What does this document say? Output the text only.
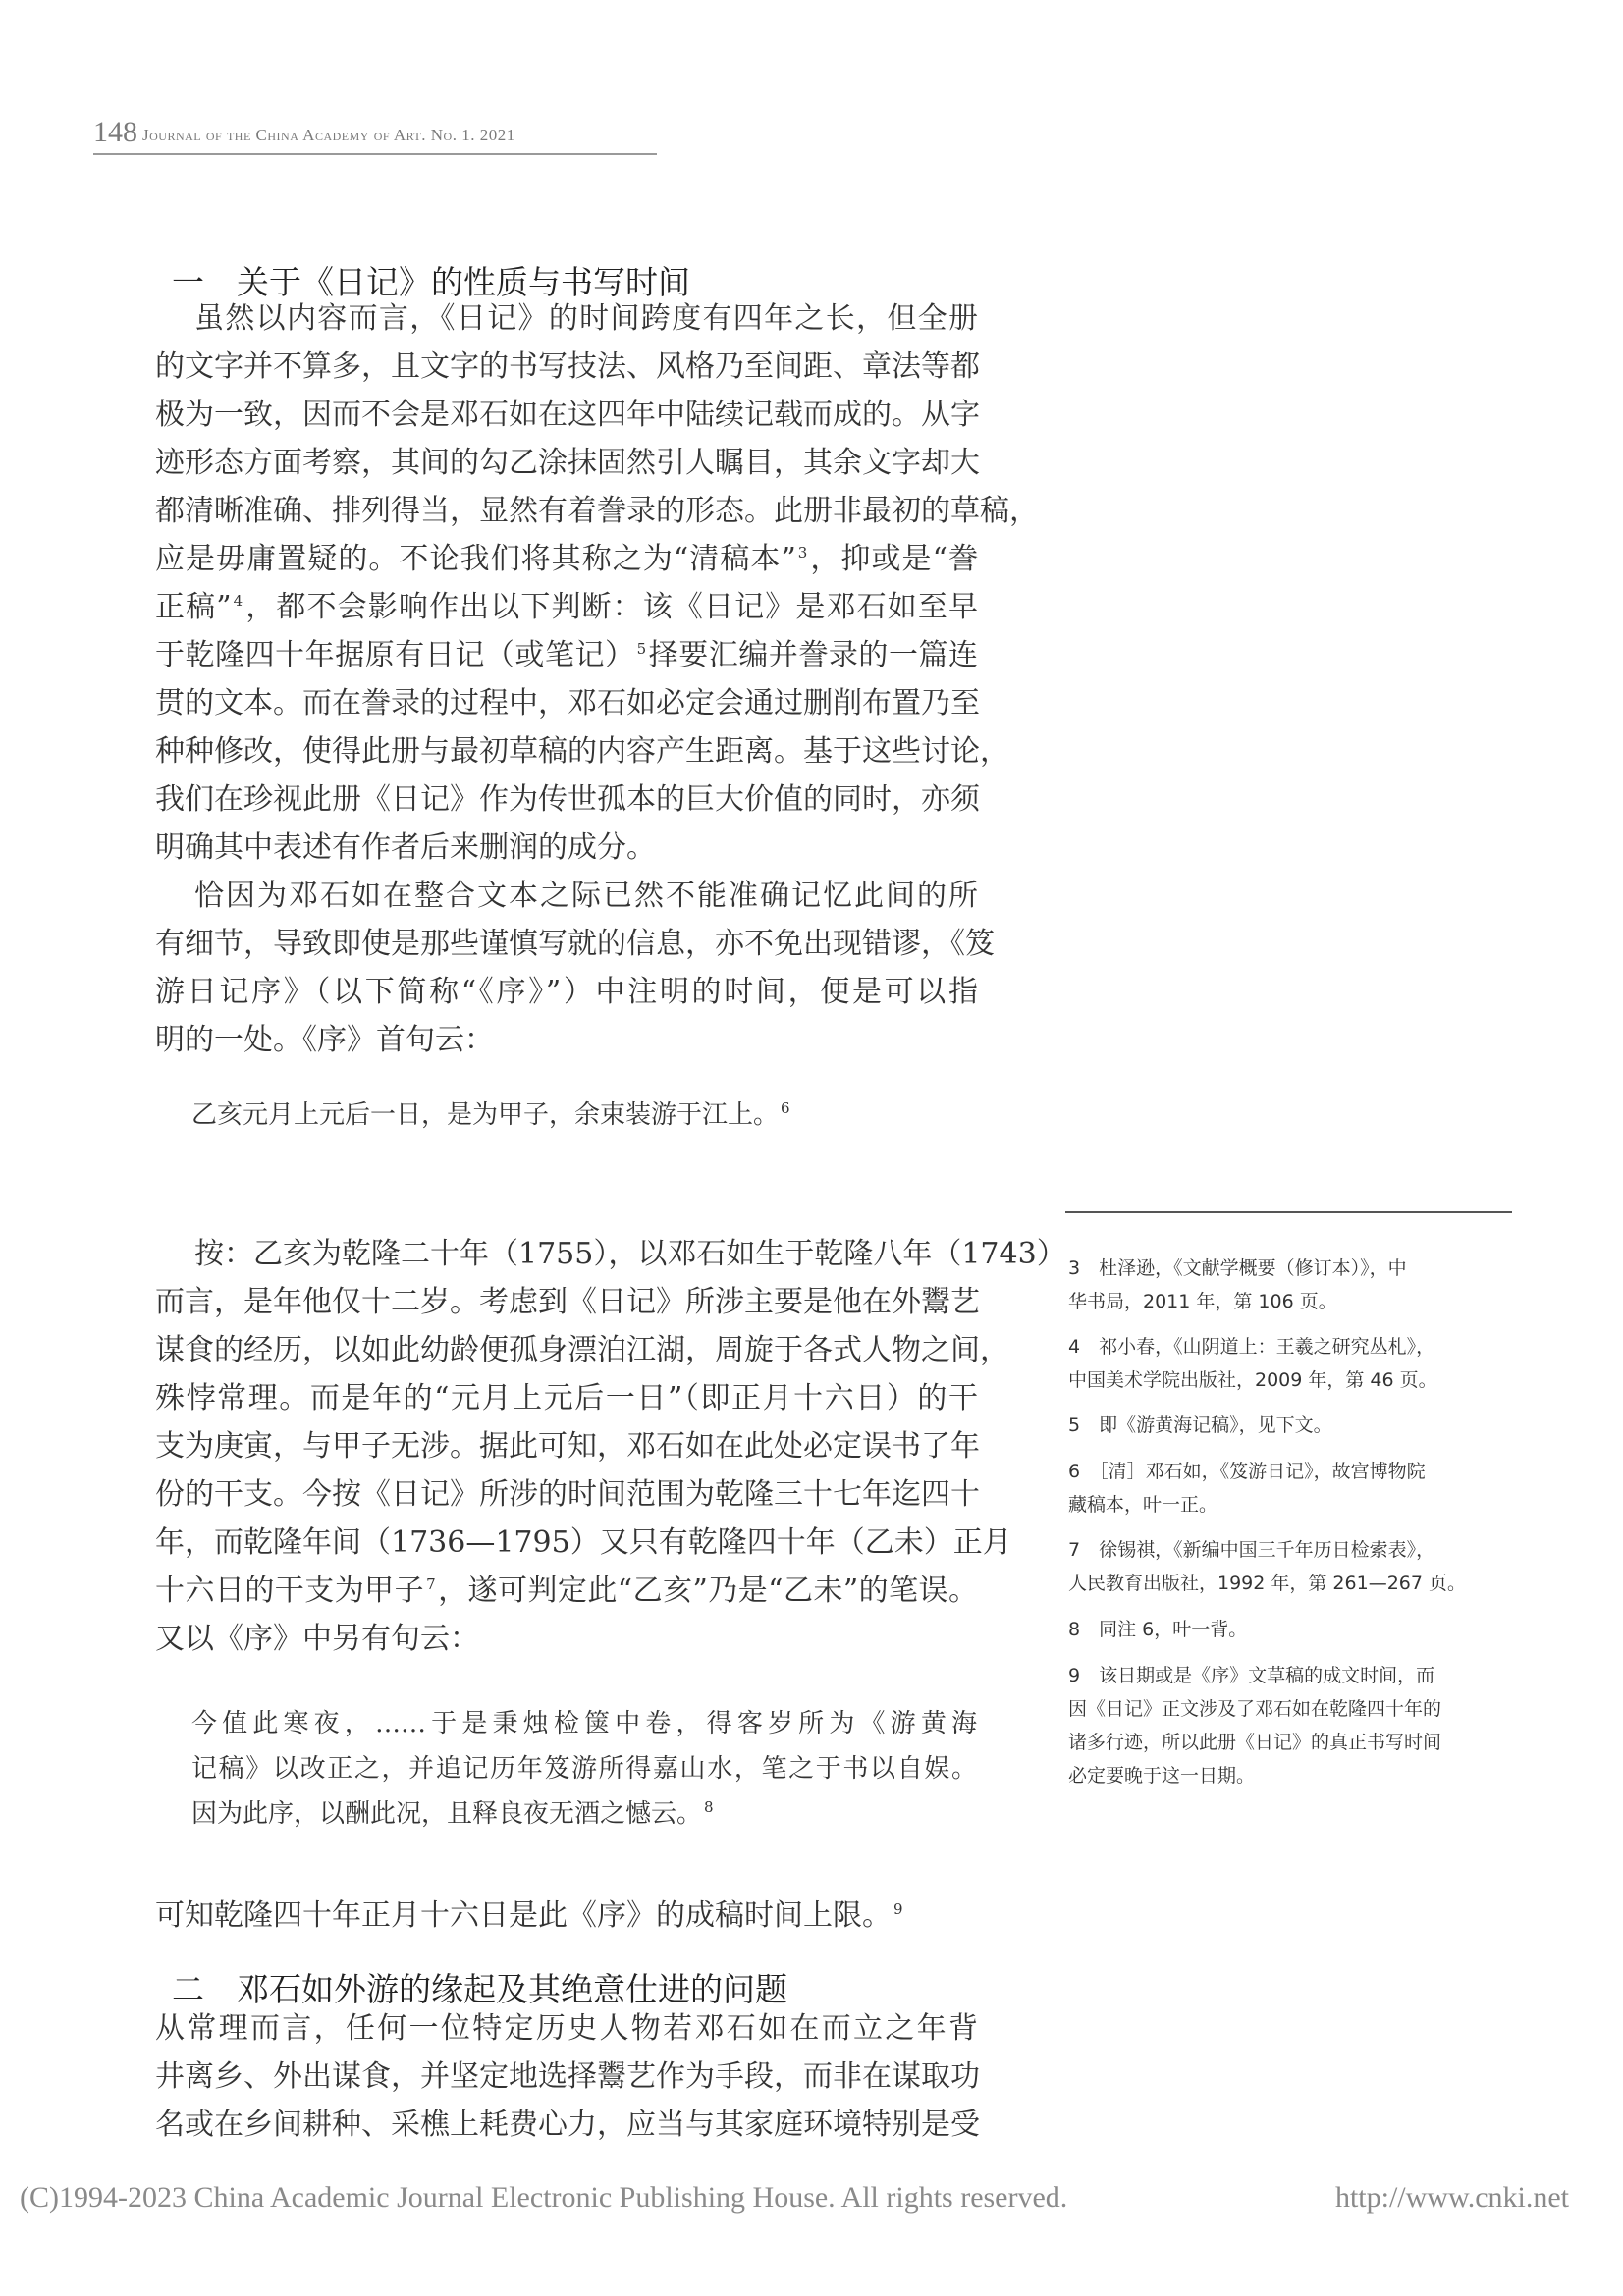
148 Journal of the China Academy of Art. No. 1. 2021
一　关于《日记》的性质与书写时间
虽然以内容而言，《日记》的时间跨度有四年之长，但全册
的文字并不算多，且文字的书写技法、风格乃至间距、章法等都
极为一致，因而不会是邓石如在这四年中陆续记载而成的。从字
迹形态方面考察，其间的勾乙涂抹固然引人瞩目，其余文字却大
都清晰准确、排列得当，显然有着誊录的形态。此册非最初的草稿，
应是毋庸置疑的。不论我们将其称之为“清稿本” $^3$，抑或是“誊
正稿” $^4$，都不会影响作出以下判断：该《日记》是邓石如至早
于乾隆四十年据原有日记（或笔记） $^5$择要汇编并誊录的一篇连
贯的文本。而在誊录的过程中，邓石如必定会通过删削布置乃至
种种修改，使得此册与最初草稿的内容产生距离。基于这些讨论，
我们在珍视此册《日记》作为传世孤本的巨大价值的同时，亦须
明确其中表述有作者后来删润的成分。
恰因为邓石如在整合文本之际已然不能准确记忆此间的所
有细节，导致即使是那些谨慎写就的信息，亦不免出现错谬，《笈
游日记序》（以下简称“《序》”）中注明的时间，便是可以指
明的一处。《序》首句云：
乙亥元月上元后一日，是为甲子，余束装游于江上。 $^6$
按：乙亥为乾隆二十年（1755），以邓石如生于乾隆八年（1743）
而言，是年他仅十二岁。考虑到《日记》所涉主要是他在外鬻艺
谋食的经历，以如此幼龄便孤身漂泊江湖，周旋于各式人物之间，
殊悖常理。而是年的“元月上元后一日”（即正月十六日）的干
支为庚寅，与甲子无涉。据此可知，邓石如在此处必定误书了年
份的干支。今按《日记》所涉的时间范围为乾隆三十七年迄四十
年，而乾隆年间（1736—1795）又只有乾隆四十年（乙未）正月
十六日的干支为甲子 $^7$，遂可判定此“乙亥”乃是“乙未”的笔误。
又以《序》中另有句云：
今值此寒夜，……于是秉烛检箧中卷，得客岁所为《游黄海
记稿》以改正之，并追记历年笈游所得嘉山水，笔之于书以自娱。
因为此序，以酬此况，且释良夜无酒之憾云。 $^8$
可知乾隆四十年正月十六日是此《序》的成稿时间上限。 $^9$
二　邓石如外游的缘起及其绝意仕进的问题
从常理而言，任何一位特定历史人物若邓石如在而立之年背
井离乡、外出谋食，并坚定地选择鬻艺作为手段，而非在谋取功
名或在乡间耕种、采樵上耗费心力，应当与其家庭环境特别是受
3　杜泽逊，《文献学概要（修订本）》，中
华书局，2011 年，第 106 页。
4　祁小春，《山阴道上：王羲之研究丛札》，
中国美术学院出版社，2009 年，第 46 页。
5　即《游黄海记稿》，见下文。
6　［清］邓石如，《笈游日记》，故宫博物院
藏稿本，叶一正。
7　徐锡祺，《新编中国三千年历日检索表》，
人民教育出版社，1992 年，第 261—267 页。
8　同注 6，叶一背。
9　该日期或是《序》文草稿的成文时间，而
因《日记》正文涉及了邓石如在乾隆四十年的
诸多行迹，所以此册《日记》的真正书写时间
必定要晚于这一日期。
(C)1994-2023 China Academic Journal Electronic Publishing House. All rights reserved.	http://www.cnki.net
